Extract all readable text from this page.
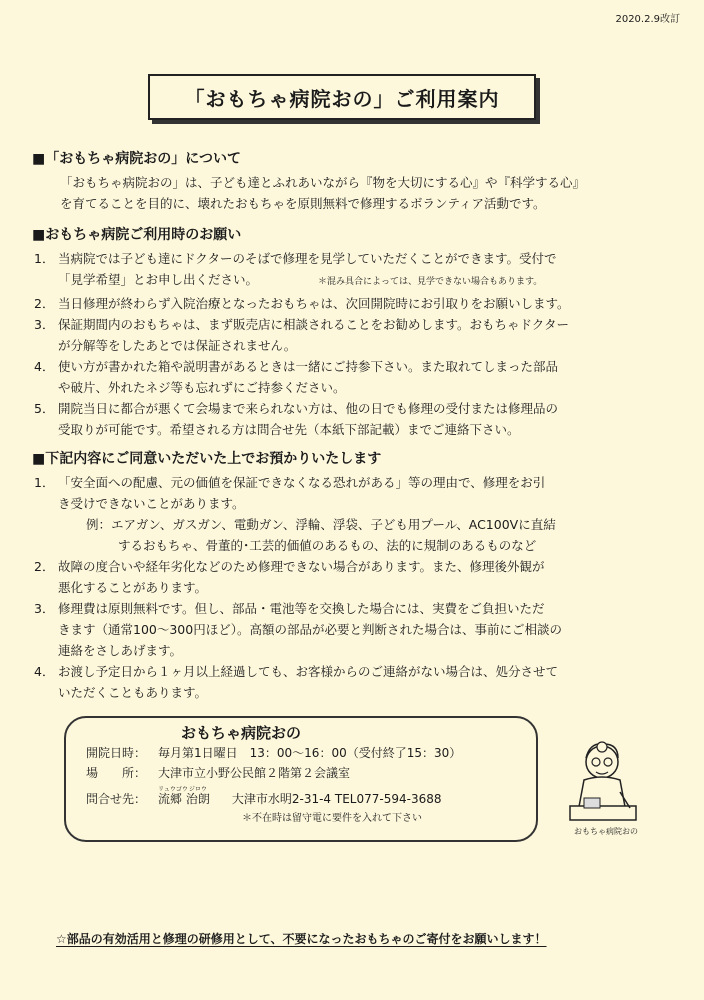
2020.2.9改訂
「おもちゃ病院おの」ご利用案内
■「おもちゃ病院おの」について

「おもちゃ病院おの」は、子ども達とふれあいながら『物を大切にする心』や『科学する心』

を育てることを目的に、壊れたおもちゃを原則無料で修理するボランティア活動です。

■おもちゃ病院ご利用時のお願い
1． 当病院では子ども達にドクターのそばで修理を見学していただくことができます。受付で
「見学希望」とお申し出ください。	＊混み具合によっては、見学できない場合もあります。
2． 当日修理が終わらず入院治療となったおもちゃは、次回開院時にお引取りをお願いします。
3． 保証期間内のおもちゃは、まず販売店に相談されることをお勧めします。おもちゃドクター
が分解等をしたあとでは保証されません。
4． 使い方が書かれた箱や説明書があるときは一緒にご持参下さい。また取れてしまった部品
や破片、外れたネジ等も忘れずにご持参ください。
5． 開院当日に都合が悪くて会場まで来られない方は、他の日でも修理の受付または修理品の
受取りが可能です。希望される方は問合せ先（本紙下部記載）までご連絡下さい。
■下記内容にご同意いただいた上でお預かりいたします
1． 「安全面への配慮、元の価値を保証できなくなる恐れがある」等の理由で、修理をお引
き受けできないことがあります。
例：エアガン、ガスガン、電動ガン、浮輪、浮袋、子ども用プール、AC100Vに直結
するおもちゃ、骨董的･工芸的価値のあるもの、法的に規制のあるものなど
2． 故障の度合いや経年劣化などのため修理できない場合があります。また、修理後外観が
悪化することがあります。
3． 修理費は原則無料です。但し、部品・電池等を交換した場合には、実費をご負担いただ
きます（通常100～300円ほど）。高額の部品が必要と判断された場合は、事前にご相談の
連絡をさしあげます。
4． お渡し予定日から１ヶ月以上経過しても、お客様からのご連絡がない場合は、処分させて
いただくこともあります。
おもちゃ病院おの
開院日時： 毎月第1日曜日　13：00～16：00（受付終了15：30）
場　　所： 大津市立小野公民館２階第２会議室
問合せ先：
リュウゴウ
流郷

ジロウ
治朗 大津市水明2-31-4 TEL077-594-3688
＊不在時は留守電に要件を入れて下さい
おもちゃ病院おの
☆部品の有効活用と修理の研修用として、不要になったおもちゃのご寄付をお願いします！
